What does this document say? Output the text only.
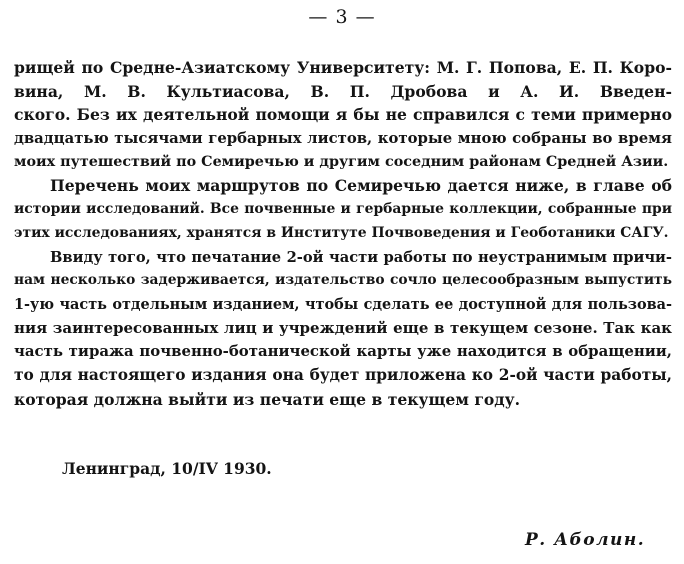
— 3 —
рищей по Средне-Азиатскому Университету: М. Г. Попова, Е. П. Коро-
вина, М. В. Культиасова, В. П. Дробова и А. И. Введен-
ского. Без их деятельной помощи я бы не справился с теми примерно
двадцатью тысячами гербарных листов, которые мною собраны во время
моих путешествий по Семиречью и другим соседним районам Средней Азии.
Перечень моих маршрутов по Семиречью дается ниже, в главе об
истории исследований. Все почвенные и гербарные коллекции, собранные при
этих исследованиях, хранятся в Институте Почвоведения и Геоботаники САГУ.
Ввиду того, что печатание 2-ой части работы по неустранимым причи-
нам несколько задерживается, издательство сочло целесообразным выпустить
1-ую часть отдельным изданием, чтобы сделать ее доступной для пользова-
ния заинтересованных лиц и учреждений еще в текущем сезоне. Так как
часть тиража почвенно-ботанической карты уже находится в обращении,
то для настоящего издания она будет приложена ко 2-ой части работы,
которая должна выйти из печати еще в текущем году.
Ленинград, 10/IV 1930.
Р. Аболин.
